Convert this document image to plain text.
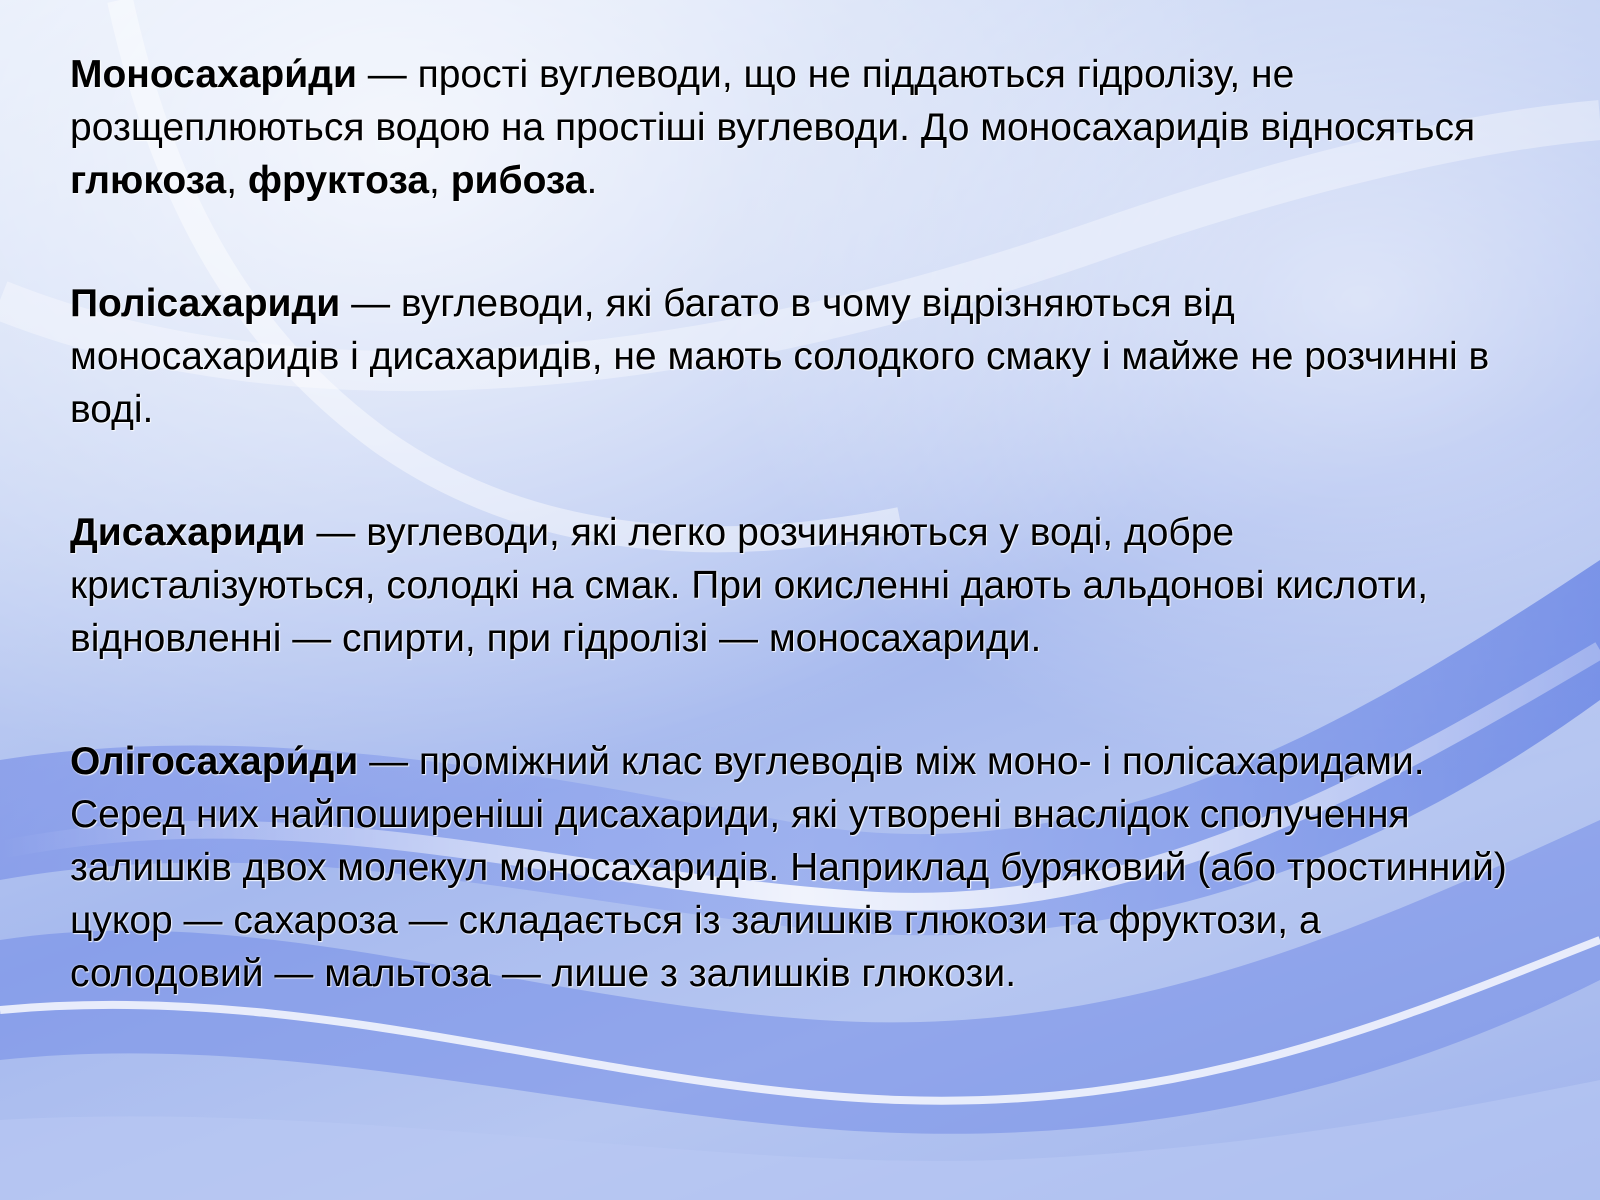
Моносахари́ди — прості вуглеводи, що не піддаються гідролізу, не розщеплюються водою на простіші вуглеводи. До моносахаридів відносяться глюкоза, фруктоза, рибоза.

Полісахариди — вуглеводи, які багато в чому відрізняються від моносахаридів і дисахаридів, не мають солодкого смаку і майже не розчинні в воді.

Дисахариди — вуглеводи, які легко розчиняються у воді, добре кристалізуються, солодкі на смак. При окисленні дають альдонові кислоти, відновленні — спирти, при гідролізі — моносахариди.

Олігосахари́ди — проміжний клас вуглеводів між моно- і полісахаридами. Серед них найпоширеніші дисахариди, які утворені внаслідок сполучення залишків двох молекул моносахаридів. Наприклад буряковий (або тростинний) цукор — сахароза — складається із залишків глюкози та фруктози, а солодовий — мальтоза — лише з залишків глюкози.
